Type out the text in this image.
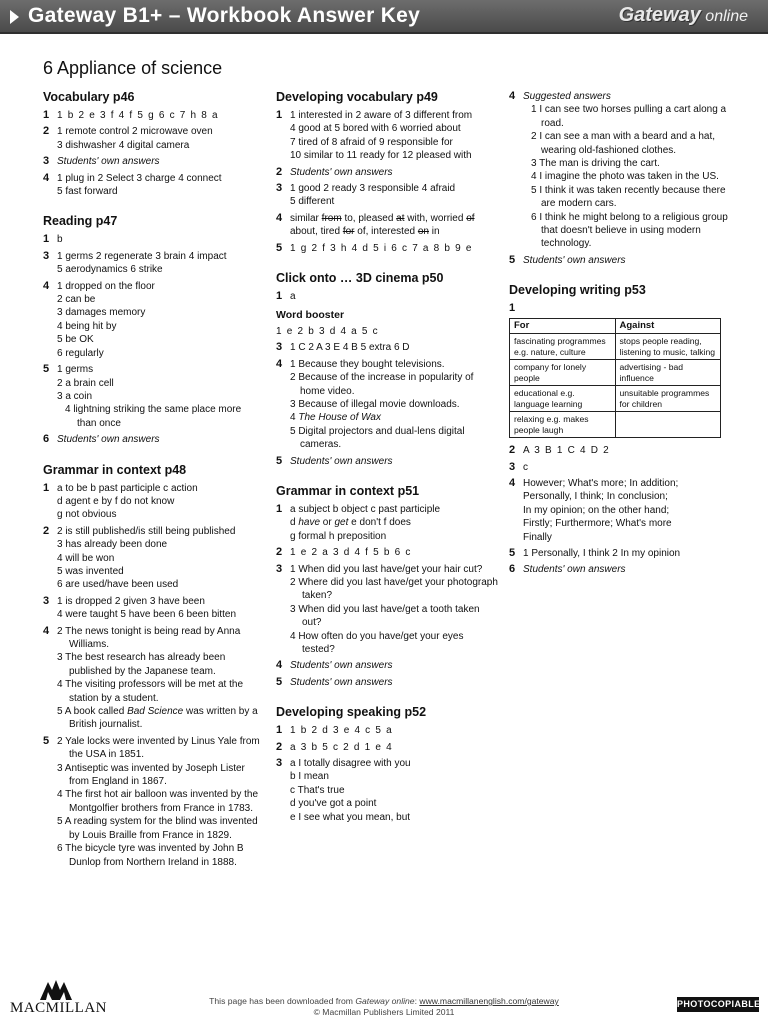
Gateway B1+ – Workbook Answer Key	Gateway online
6 Appliance of science
Vocabulary p46
1 1 b 2 e 3 f 4 f 5 g 6 c 7 h 8 a
2 1 remote control 2 microwave oven
3 dishwasher 4 digital camera
3 Students' own answers
4 1 plug in 2 Select 3 charge 4 connect
5 fast forward
Reading p47
1 b
3 1 germs 2 regenerate 3 brain 4 impact
5 aerodynamics 6 strike
4 1 dropped on the floor
2 can be
3 damages memory
4 being hit by
5 be OK
6 regularly
5 1 germs
2 a brain cell
3 a coin
4 lightning striking the same place more than once
6 Students' own answers
Grammar in context p48
1 a to be b past participle c action
d agent e by f do not know
g not obvious
2 2 is still published/is still being published
3 has already been done
4 will be won
5 was invented
6 are used/have been used
3 1 is dropped 2 given 3 have been
4 were taught 5 have been 6 been bitten
4 2 The news tonight is being read by Anna Williams.
3 The best research has already been published by the Japanese team.
4 The visiting professors will be met at the station by a student.
5 A book called Bad Science was written by a British journalist.
5 2 Yale locks were invented by Linus Yale from the USA in 1851.
3 Antiseptic was invented by Joseph Lister from England in 1867.
4 The first hot air balloon was invented by the Montgolfier brothers from France in 1783.
5 A reading system for the blind was invented by Louis Braille from France in 1829.
6 The bicycle tyre was invented by John B Dunlop from Northern Ireland in 1888.
Developing vocabulary p49
1 1 interested in 2 aware of 3 different from
4 good at 5 bored with 6 worried about
7 tired of 8 afraid of 9 responsible for
10 similar to 11 ready for 12 pleased with
2 Students' own answers
3 1 good 2 ready 3 responsible 4 afraid
5 different
4 similar from to, pleased at with, worried of
about, tired for of, interested on in
5 1 g 2 f 3 h 4 d 5 i 6 c 7 a 8 b 9 e
Click onto … 3D cinema p50
1 a
Word booster
1 e 2 b 3 d 4 a 5 c
3 1 C 2 A 3 E 4 B 5 extra 6 D
4 1 Because they bought televisions.
2 Because of the increase in popularity of home video.
3 Because of illegal movie downloads.
4 The House of Wax
5 Digital projectors and dual-lens digital cameras.
5 Students' own answers
Grammar in context p51
1 a subject b object c past participle
d have or get e don't f does
g formal h preposition
2 1 e 2 a 3 d 4 f 5 b 6 c
3 1 When did you last have/get your hair cut?
2 Where did you last have/get your photograph taken?
3 When did you last have/get a tooth taken out?
4 How often do you have/get your eyes tested?
4 Students' own answers
5 Students' own answers
Developing speaking p52
1 1 b 2 d 3 e 4 c 5 a
2 a 3 b 5 c 2 d 1 e 4
3 a I totally disagree with you
b I mean
c That's true
d you've got a point
e I see what you mean, but
4 Suggested answers
1 I can see two horses pulling a cart along a road.
2 I can see a man with a beard and a hat, wearing old-fashioned clothes.
3 The man is driving the cart.
4 I imagine the photo was taken in the US.
5 I think it was taken recently because there are modern cars.
6 I think he might belong to a religious group that doesn't believe in using modern technology.
5 Students' own answers
Developing writing p53
1
For	Against
fascinating programmes e.g. nature, culture	stops people reading, listening to music, talking
company for lonely people	advertising - bad influence
educational e.g. language learning	unsuitable programmes for children
relaxing e.g. makes people laugh	
2 A 3 B 1 C 4 D 2
3 c
4 However; What's more; In addition;
Personally, I think; In conclusion;
In my opinion; on the other hand;
Firstly; Furthermore; What's more
Finally
5 1 Personally, I think 2 In my opinion
6 Students' own answers
MACMILLAN	This page has been downloaded from Gateway online: www.macmillanenglish.com/gateway
© Macmillan Publishers Limited 2011
PHOTOCOPIABLE
